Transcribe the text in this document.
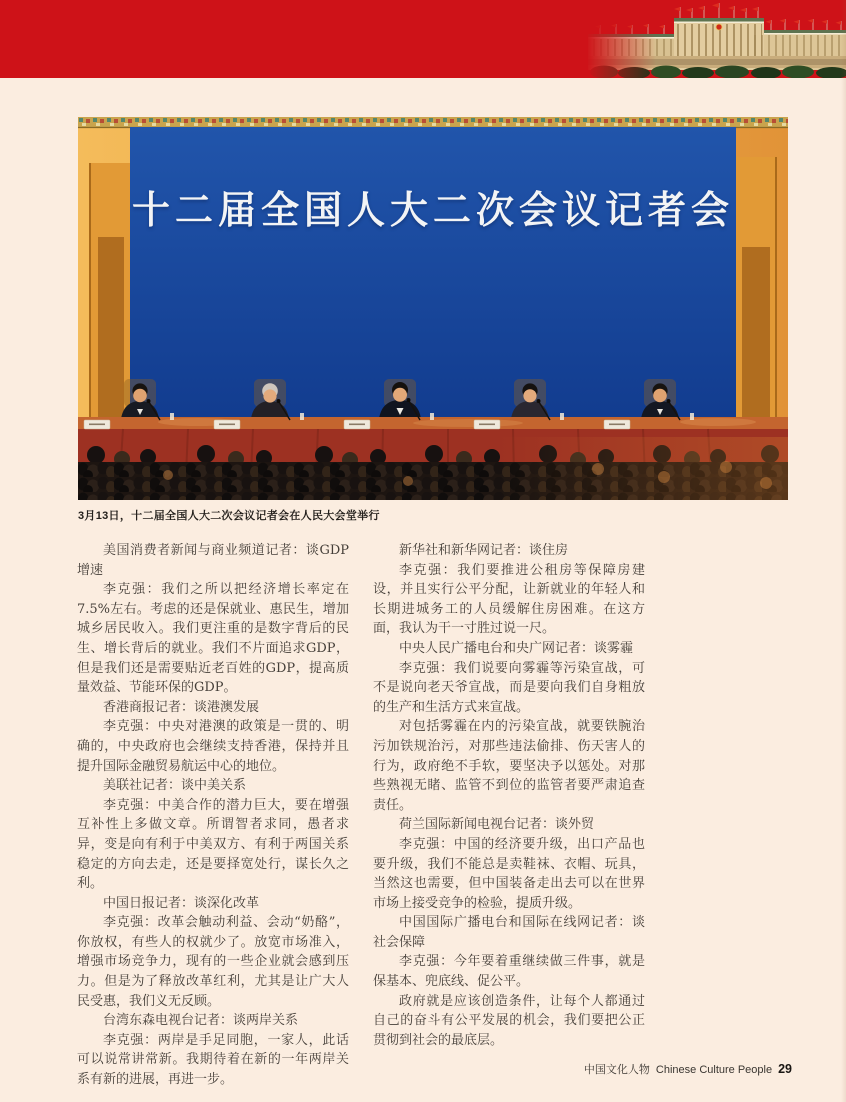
十二届全国人大二次会议记者会
3月13日，十二届全国人大二次会议记者会在人民大会堂举行

美国消费者新闻与商业频道记者：谈GDP增速

李克强：我们之所以把经济增长率定在7.5%左右。考虑的还是保就业、惠民生，增加城乡居民收入。我们更注重的是数字背后的民生、增长背后的就业。我们不片面追求GDP，但是我们还是需要贴近老百姓的GDP，提高质量效益、节能环保的GDP。

香港商报记者：谈港澳发展

李克强：中央对港澳的政策是一贯的、明确的，中央政府也会继续支持香港，保持并且提升国际金融贸易航运中心的地位。

美联社记者：谈中美关系

李克强：中美合作的潜力巨大，要在增强互补性上多做文章。所谓智者求同，愚者求异，变是向有利于中美双方、有利于两国关系稳定的方向去走，还是要择宽处行，谋长久之利。

中国日报记者：谈深化改革

李克强：改革会触动利益、会动“奶酪”，你放权，有些人的权就少了。放宽市场准入，增强市场竞争力，现有的一些企业就会感到压力。但是为了释放改革红利，尤其是让广大人民受惠，我们义无反顾。

台湾东森电视台记者：谈两岸关系

李克强：两岸是手足同胞，一家人，此话可以说常讲常新。我期待着在新的一年两岸关系有新的进展，再进一步。

新华社和新华网记者：谈住房

李克强：我们要推进公租房等保障房建设，并且实行公平分配，让新就业的年轻人和长期进城务工的人员缓解住房困难。在这方面，我认为干一寸胜过说一尺。

中央人民广播电台和央广网记者：谈雾霾

李克强：我们说要向雾霾等污染宣战，可不是说向老天爷宣战，而是要向我们自身粗放的生产和生活方式来宣战。

对包括雾霾在内的污染宣战，就要铁腕治污加铁规治污，对那些违法偷排、伤天害人的行为，政府绝不手软，要坚决予以惩处。对那些熟视无睹、监管不到位的监管者要严肃追查责任。

荷兰国际新闻电视台记者：谈外贸

李克强：中国的经济要升级，出口产品也要升级，我们不能总是卖鞋袜、衣帽、玩具，当然这也需要，但中国装备走出去可以在世界市场上接受竞争的检验，提质升级。

中国国际广播电台和国际在线网记者：谈社会保障

李克强：今年要着重继续做三件事，就是保基本、兜底线、促公平。

政府就是应该创造条件，让每个人都通过自己的奋斗有公平发展的机会，我们要把公正贯彻到社会的最底层。

中国文化人物 Chinese Culture People 29
